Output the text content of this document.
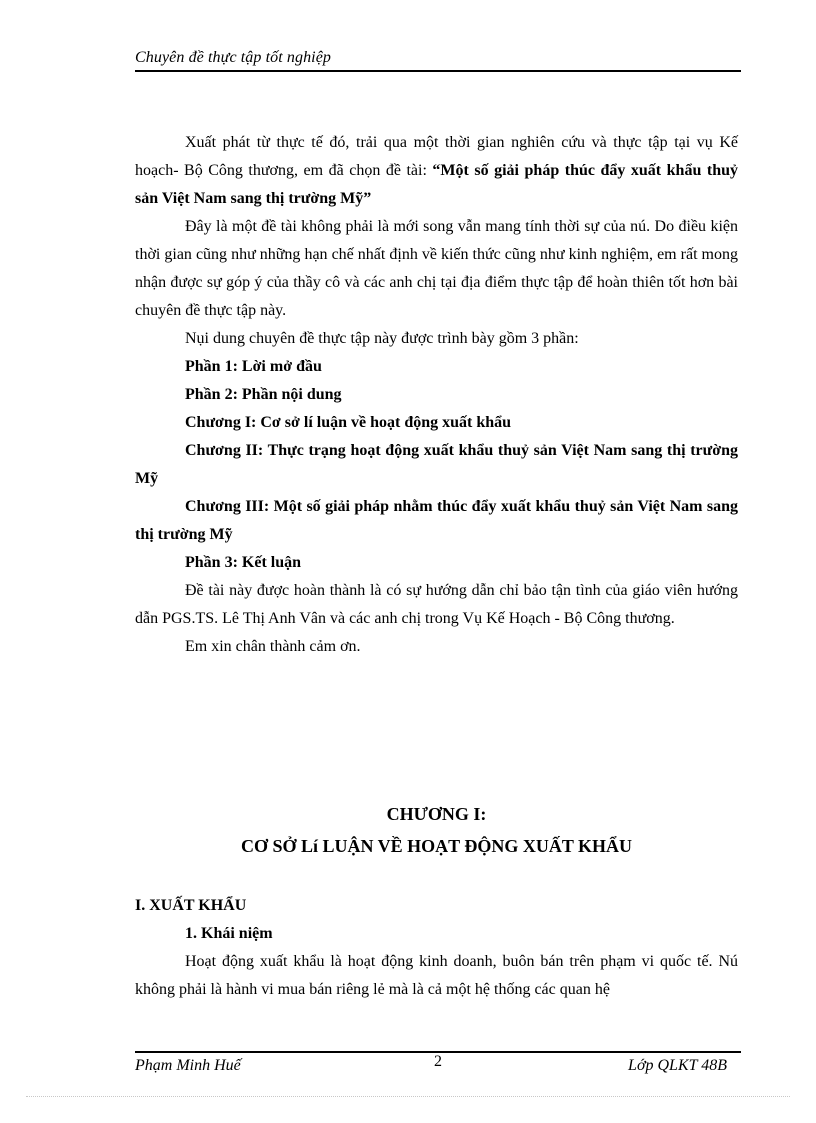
Chuyên đề thực tập tốt nghiệp

Xuất phát từ thực tế đó, trải qua một thời gian nghiên cứu và thực tập tại vụ Kế hoạch- Bộ Công thương, em đã chọn đề tài: “Một số giải pháp thúc đẩy xuất khẩu thuỷ sản Việt Nam sang thị trường Mỹ”

Đây là một đề tài không phải là mới song vẫn mang tính thời sự của nú. Do điều kiện thời gian cũng như những hạn chế nhất định về kiến thức cũng như kinh nghiệm, em rất mong nhận được sự góp ý của thầy cô và các anh chị tại địa điểm thực tập để hoàn thiên tốt hơn bài chuyên đề thực tập này.

Nụi dung chuyên đề thực tập này được trình bày gồm 3 phần:

Phần 1: Lời mở đầu

Phần 2: Phần nội dung

Chương I: Cơ sở lí luận về hoạt động xuất khẩu

Chương II: Thực trạng hoạt động xuất khẩu thuỷ sản Việt Nam sang thị trường Mỹ

Chương III: Một số giải pháp nhằm thúc đẩy xuất khẩu thuỷ sản Việt Nam sang thị trường Mỹ

Phần 3: Kết luận

Đề tài này được hoàn thành là có sự hướng dẫn chỉ bảo tận tình của giáo viên hướng dẫn PGS.TS. Lê Thị Anh Vân và các anh chị trong Vụ Kế Hoạch - Bộ Công thương.

Em xin chân thành cảm ơn.

CHƯƠNG I:
CƠ SỞ Lí LUẬN VỀ HOẠT ĐỘNG XUẤT KHẨU

I. XUẤT KHẨU

1. Khái niệm

Hoạt động xuất khẩu là hoạt động kinh doanh, buôn bán trên phạm vi quốc tế. Nú không phải là hành vi mua bán riêng lẻ mà là cả một hệ thống các quan hệ

Phạm Minh Huế	2	Lớp QLKT 48B
